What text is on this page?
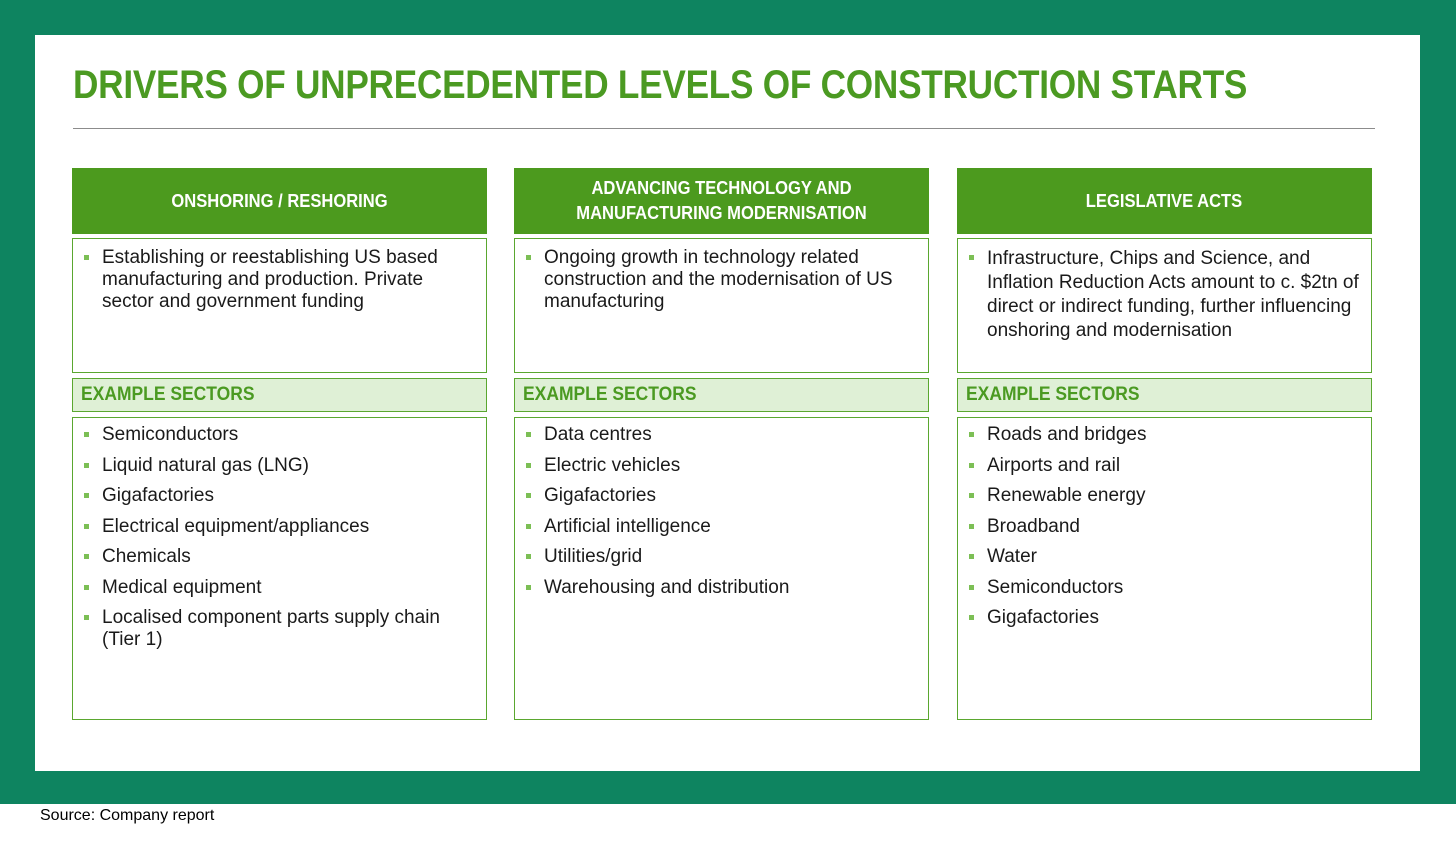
DRIVERS OF UNPRECEDENTED LEVELS OF CONSTRUCTION STARTS
ONSHORING / RESHORING
Establishing or reestablishing US based manufacturing and production. Private sector and government funding
EXAMPLE SECTORS
Semiconductors
Liquid natural gas (LNG)
Gigafactories
Electrical equipment/appliances
Chemicals
Medical equipment
Localised component parts supply chain (Tier 1)
ADVANCING TECHNOLOGY AND MANUFACTURING MODERNISATION
Ongoing growth in technology related construction and the modernisation of US manufacturing
EXAMPLE SECTORS
Data centres
Electric vehicles
Gigafactories
Artificial intelligence
Utilities/grid
Warehousing and distribution
LEGISLATIVE ACTS
Infrastructure, Chips and Science, and Inflation Reduction Acts amount to c. $2tn of direct or indirect funding, further influencing onshoring and modernisation
EXAMPLE SECTORS
Roads and bridges
Airports and rail
Renewable energy
Broadband
Water
Semiconductors
Gigafactories
Source: Company report
